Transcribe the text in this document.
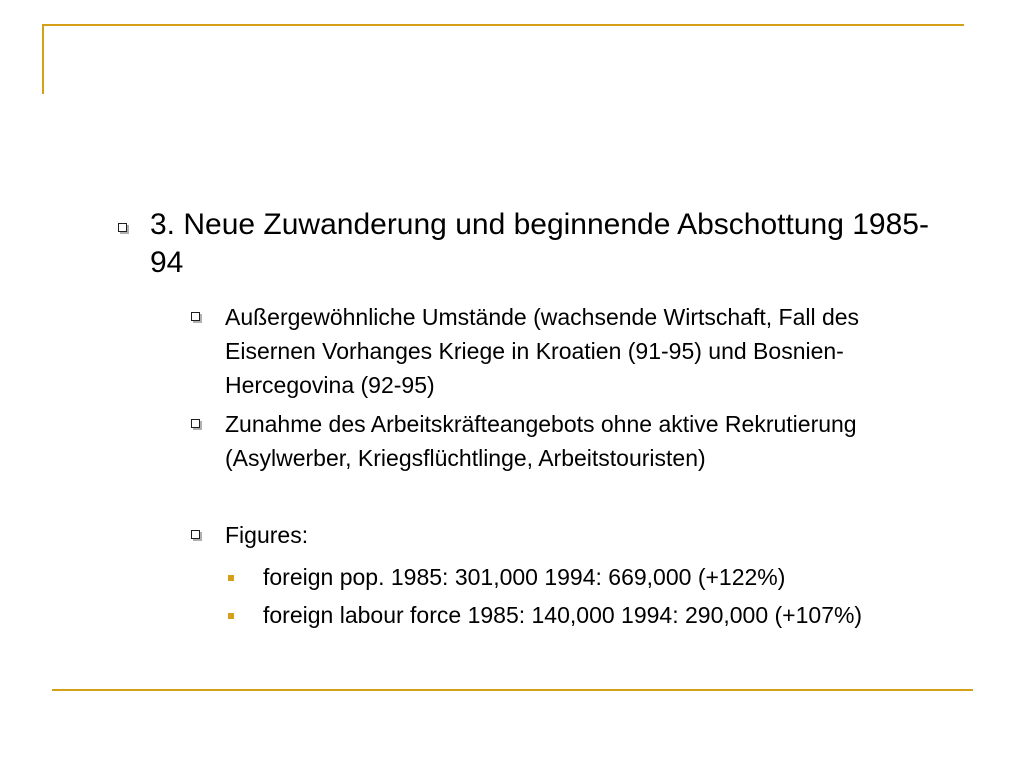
3. Neue Zuwanderung und beginnende Abschottung 1985-94
Außergewöhnliche Umstände (wachsende Wirtschaft, Fall des Eisernen Vorhanges Kriege in Kroatien (91-95) und Bosnien-Hercegovina (92-95)
Zunahme des Arbeitskräfteangebots ohne aktive Rekrutierung (Asylwerber, Kriegsflüchtlinge, Arbeitstouristen)
Figures:
foreign pop. 1985: 301,000 1994: 669,000 (+122%)
foreign labour force 1985: 140,000 1994: 290,000 (+107%)
